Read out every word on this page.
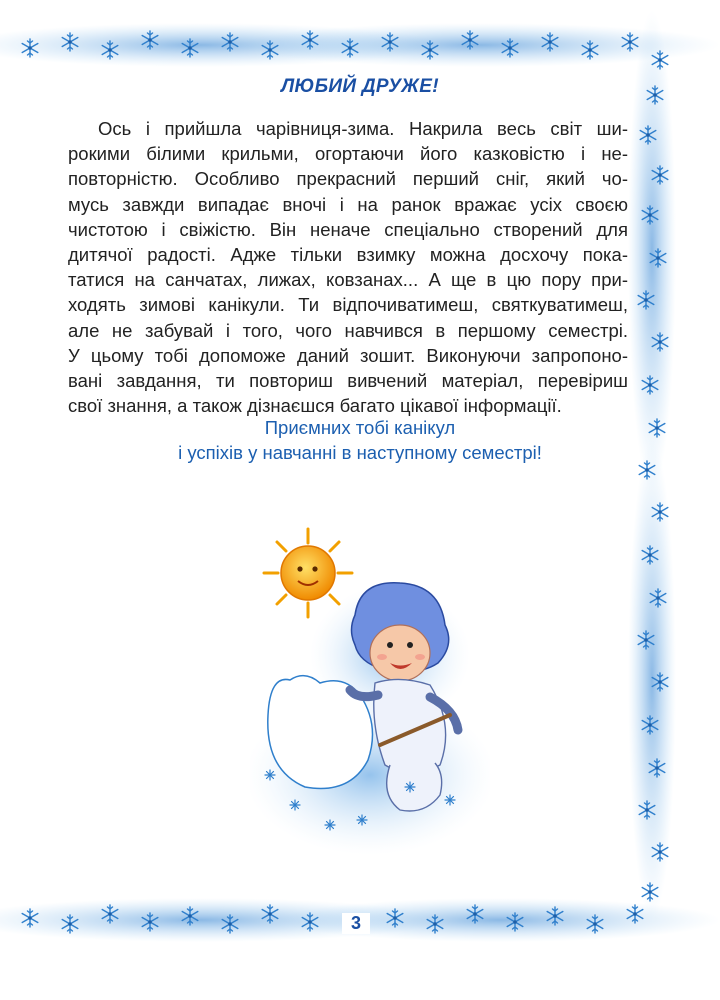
ЛЮБИЙ ДРУЖЕ!

Ось і прийшла чарівниця-зима. Накрила весь світ ши-
рокими білими крильми, огортаючи його казковістю і не-
повторністю. Особливо прекрасний перший сніг, який чо-
мусь завжди випадає вночі і на ранок вражає усіх своєю
чистотою і свіжістю. Він неначе спеціально створений для
дитячої радості. Адже тільки взимку можна досхочу пока-
татися на санчатах, лижах, ковзанах... А ще в цю пору при-
ходять зимові канікули. Ти відпочиватимеш, святкуватимеш,
але не забувай і того, чого навчився в першому семестрі.
У цьому тобі допоможе даний зошит. Виконуючи запропоно-
вані завдання, ти повториш вивчений матеріал, перевіриш
свої знання, а також дізнаєшся багато цікавої інформації.

Приємних тобі канікул
і успіхів у навчанні в наступному семестрі!
3
